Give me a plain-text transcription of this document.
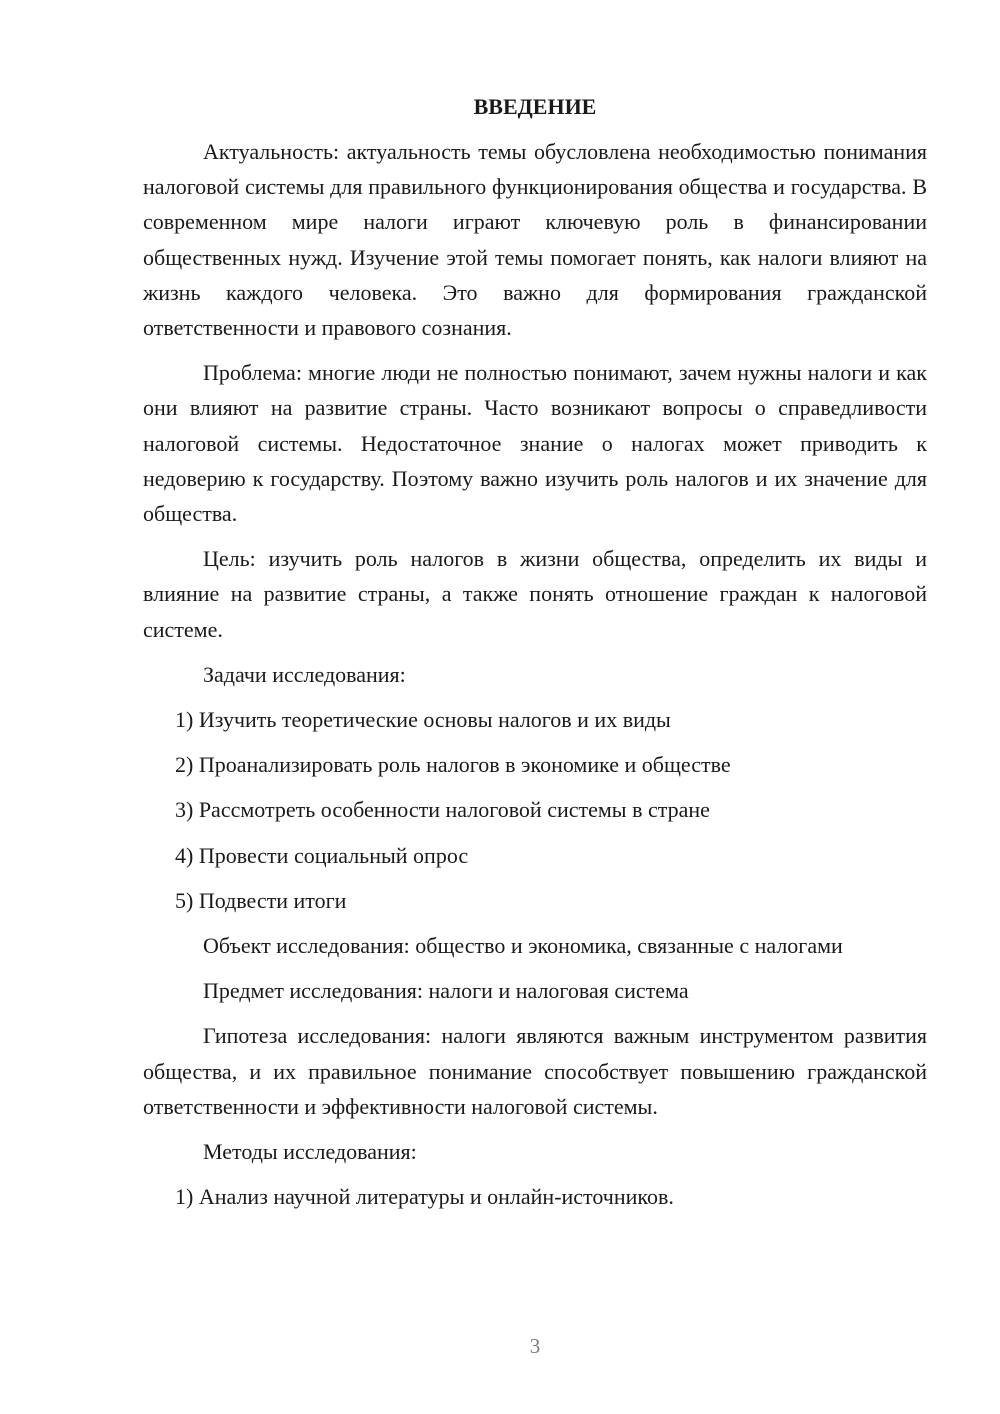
ВВЕДЕНИЕ

Актуальность: актуальность темы обусловлена необходимостью понимания налоговой системы для правильного функционирования общества и государства. В современном мире налоги играют ключевую роль в финансировании общественных нужд. Изучение этой темы помогает понять, как налоги влияют на жизнь каждого человека. Это важно для формирования гражданской ответственности и правового сознания.

Проблема: многие люди не полностью понимают, зачем нужны налоги и как они влияют на развитие страны. Часто возникают вопросы о справедливости налоговой системы. Недостаточное знание о налогах может приводить к недоверию к государству. Поэтому важно изучить роль налогов и их значение для общества.

Цель: изучить роль налогов в жизни общества, определить их виды и влияние на развитие страны, а также понять отношение граждан к налоговой системе.

Задачи исследования:

1) Изучить теоретические основы налогов и их виды
2) Проанализировать роль налогов в экономике и обществе
3) Рассмотреть особенности налоговой системы в стране
4) Провести социальный опрос
5) Подвести итоги

Объект исследования: общество и экономика, связанные с налогами

Предмет исследования: налоги и налоговая система

Гипотеза исследования: налоги являются важным инструментом развития общества, и их правильное понимание способствует повышению гражданской ответственности и эффективности налоговой системы.

Методы исследования:

1) Анализ научной литературы и онлайн-источников.
3
